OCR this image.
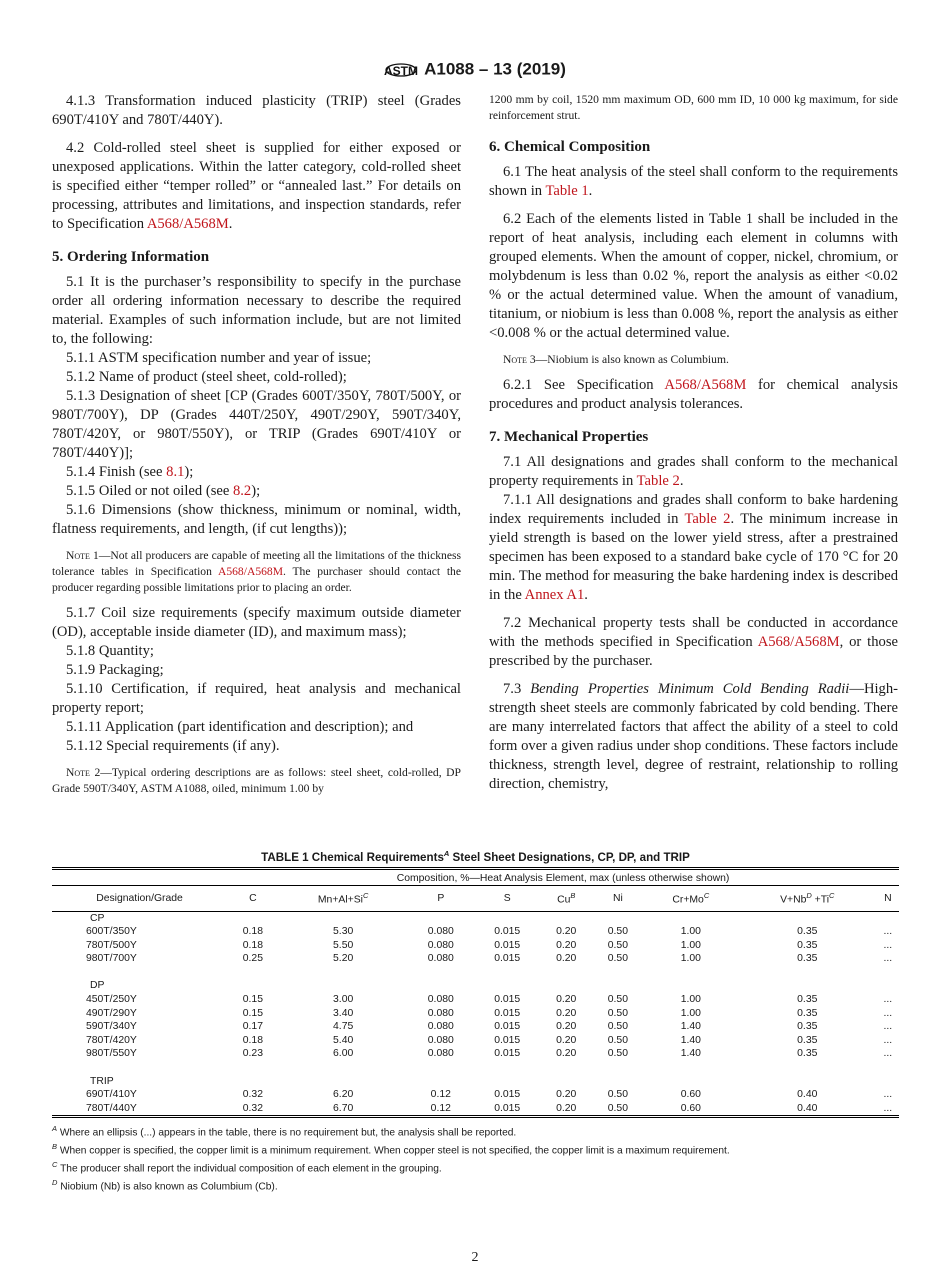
ASTM A1088 – 13 (2019)

4.1.3 Transformation induced plasticity (TRIP) steel (Grades 690T/410Y and 780T/440Y).

4.2 Cold-rolled steel sheet is supplied for either exposed or unexposed applications. Within the latter category, cold-rolled sheet is specified either “temper rolled” or “annealed last.” For details on processing, attributes and limitations, and inspection standards, refer to Specification A568/A568M.

5. Ordering Information

5.1 It is the purchaser’s responsibility to specify in the purchase order all ordering information necessary to describe the required material. Examples of such information include, but are not limited to, the following:

5.1.1 ASTM specification number and year of issue;

5.1.2 Name of product (steel sheet, cold-rolled);

5.1.3 Designation of sheet [CP (Grades 600T/350Y, 780T/500Y, or 980T/700Y), DP (Grades 440T/250Y, 490T/290Y, 590T/340Y, 780T/420Y, or 980T/550Y), or TRIP (Grades 690T/410Y or 780T/440Y)];

5.1.4 Finish (see 8.1);

5.1.5 Oiled or not oiled (see 8.2);

5.1.6 Dimensions (show thickness, minimum or nominal, width, flatness requirements, and length, (if cut lengths));

Note 1—Not all producers are capable of meeting all the limitations of the thickness tolerance tables in Specification A568/A568M. The purchaser should contact the producer regarding possible limitations prior to placing an order.

5.1.7 Coil size requirements (specify maximum outside diameter (OD), acceptable inside diameter (ID), and maximum mass);

5.1.8 Quantity;

5.1.9 Packaging;

5.1.10 Certification, if required, heat analysis and mechanical property report;

5.1.11 Application (part identification and description); and

5.1.12 Special requirements (if any).

Note 2—Typical ordering descriptions are as follows: steel sheet, cold-rolled, DP Grade 590T/340Y, ASTM A1088, oiled, minimum 1.00 by

1200 mm by coil, 1520 mm maximum OD, 600 mm ID, 10 000 kg maximum, for side reinforcement strut.

6. Chemical Composition

6.1 The heat analysis of the steel shall conform to the requirements shown in Table 1.

6.2 Each of the elements listed in Table 1 shall be included in the report of heat analysis, including each element in columns with grouped elements. When the amount of copper, nickel, chromium, or molybdenum is less than 0.02 %, report the analysis as either <0.02 % or the actual determined value. When the amount of vanadium, titanium, or niobium is less than 0.008 %, report the analysis as either <0.008 % or the actual determined value.

Note 3—Niobium is also known as Columbium.

6.2.1 See Specification A568/A568M for chemical analysis procedures and product analysis tolerances.

7. Mechanical Properties

7.1 All designations and grades shall conform to the mechanical property requirements in Table 2.

7.1.1 All designations and grades shall conform to bake hardening index requirements included in Table 2. The minimum increase in yield strength is based on the lower yield stress, after a prestrained specimen has been exposed to a standard bake cycle of 170 °C for 20 min. The method for measuring the bake hardening index is described in the Annex A1.

7.2 Mechanical property tests shall be conducted in accordance with the methods specified in Specification A568/A568M, or those prescribed by the purchaser.

7.3 Bending Properties Minimum Cold Bending Radii—High-strength sheet steels are commonly fabricated by cold bending. There are many interrelated factors that affect the ability of a steel to cold form over a given radius under shop conditions. These factors include thickness, strength level, degree of restraint, relationship to rolling direction, chemistry,

TABLE 1 Chemical Requirements$^A$ Steel Sheet Designations, CP, DP, and TRIP
	Composition, %—Heat Analysis Element, max (unless otherwise shown)								
Designation/Grade	C	$Mn+Al+Si^C$	P	S	$Cu^B$	Ni	$Cr+Mo^C$	$V+Nb^D +Ti^C$	N
CP									
600T/350Y	0.18	5.30	0.080	0.015	0.20	0.50	1.00	0.35	...
780T/500Y	0.18	5.50	0.080	0.015	0.20	0.50	1.00	0.35	...
980T/700Y	0.25	5.20	0.080	0.015	0.20	0.50	1.00	0.35	...

DP									
450T/250Y	0.15	3.00	0.080	0.015	0.20	0.50	1.00	0.35	...
490T/290Y	0.15	3.40	0.080	0.015	0.20	0.50	1.00	0.35	...
590T/340Y	0.17	4.75	0.080	0.015	0.20	0.50	1.40	0.35	...
780T/420Y	0.18	5.40	0.080	0.015	0.20	0.50	1.40	0.35	...
980T/550Y	0.23	6.00	0.080	0.015	0.20	0.50	1.40	0.35	...

TRIP									
690T/410Y	0.32	6.20	0.12	0.015	0.20	0.50	0.60	0.40	...
780T/440Y	0.32	6.70	0.12	0.015	0.20	0.50	0.60	0.40	...
$^A$ Where an ellipsis (...) appears in the table, there is no requirement but, the analysis shall be reported.
$^B$ When copper is specified, the copper limit is a minimum requirement. When copper steel is not specified, the copper limit is a maximum requirement.
$^C$ The producer shall report the individual composition of each element in the grouping.
$^D$ Niobium (Nb) is also known as Columbium (Cb).
2
